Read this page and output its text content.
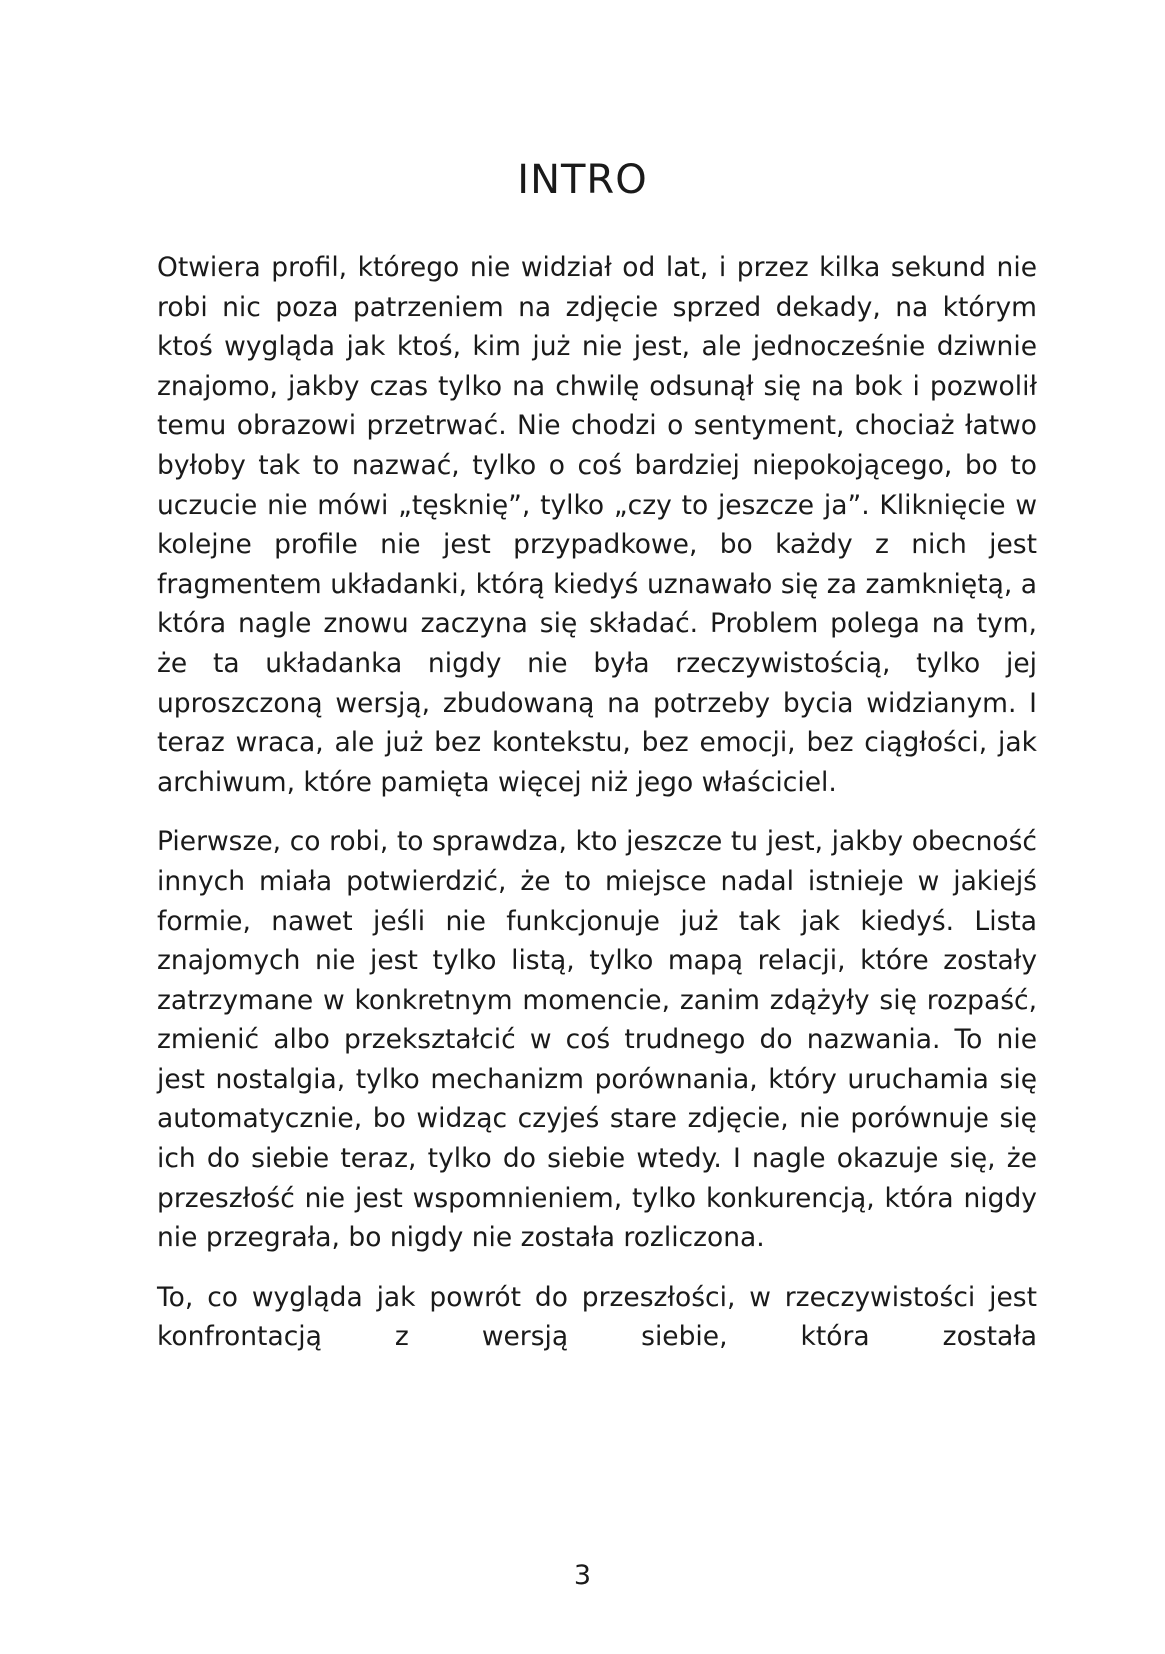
INTRO

Otwiera profil, którego nie widział od lat, i przez kilka sekund nie robi nic poza patrzeniem na zdjęcie sprzed dekady, na którym ktoś wygląda jak ktoś, kim już nie jest, ale jednocześnie dziwnie znajomo, jakby czas tylko na chwilę odsunął się na bok i pozwolił temu obrazowi przetrwać. Nie chodzi o sentyment, chociaż łatwo byłoby tak to nazwać, tylko o coś bardziej niepokojącego, bo to uczucie nie mówi „tęsknię”, tylko „czy to jeszcze ja”. Kliknięcie w kolejne profile nie jest przypadkowe, bo każdy z nich jest fragmentem układanki, którą kiedyś uznawało się za zamkniętą, a która nagle znowu zaczyna się składać. Problem polega na tym, że ta układanka nigdy nie była rzeczywistością, tylko jej uproszczoną wersją, zbudowaną na potrzeby bycia widzianym. I teraz wraca, ale już bez kontekstu, bez emocji, bez ciągłości, jak archiwum, które pamięta więcej niż jego właściciel.

Pierwsze, co robi, to sprawdza, kto jeszcze tu jest, jakby obecność innych miała potwierdzić, że to miejsce nadal istnieje w jakiejś formie, nawet jeśli nie funkcjonuje już tak jak kiedyś. Lista znajomych nie jest tylko listą, tylko mapą relacji, które zostały zatrzymane w konkretnym momencie, zanim zdążyły się rozpaść, zmienić albo przekształcić w coś trudnego do nazwania. To nie jest nostalgia, tylko mechanizm porównania, który uruchamia się automatycznie, bo widząc czyjeś stare zdjęcie, nie porównuje się ich do siebie teraz, tylko do siebie wtedy. I nagle okazuje się, że przeszłość nie jest wspomnieniem, tylko konkurencją, która nigdy nie przegrała, bo nigdy nie została rozliczona.

To, co wygląda jak powrót do przeszłości, w rzeczywistości jest konfrontacją z wersją siebie, która została

3
